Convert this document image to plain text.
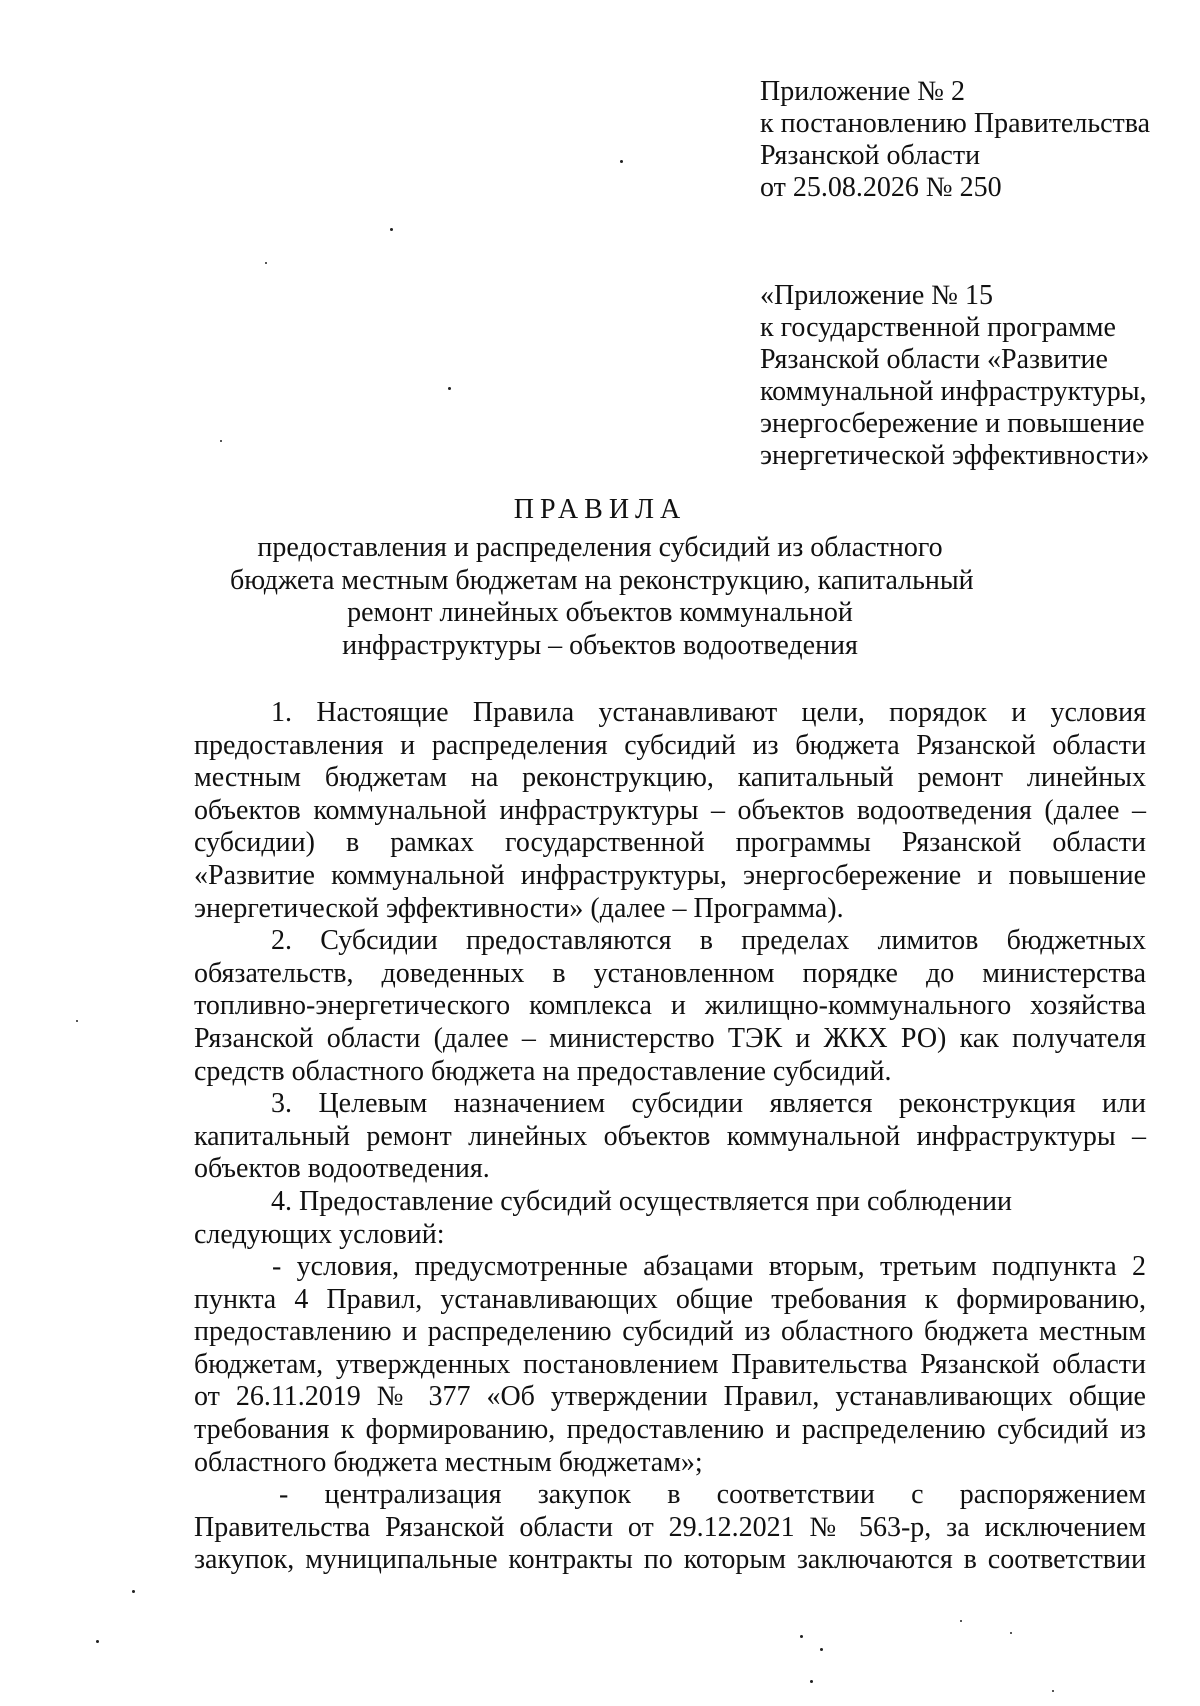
Приложение № 2
к постановлению Правительства
Рязанской области
от 25.08.2026 № 250
«Приложение № 15
к государственной программе
Рязанской области «Развитие
коммунальной инфраструктуры,
энергосбережение и повышение
энергетической эффективности»
ПРАВИЛА
предоставления и распределения субсидий из областного
бюджета местным бюджетам на реконструкцию, капитальный
ремонт линейных объектов коммунальной
инфраструктуры – объектов водоотведения
1. Настоящие Правила устанавливают цели, порядок и условия
предоставления и распределения субсидий из бюджета Рязанской области
местным бюджетам на реконструкцию, капитальный ремонт линейных
объектов коммунальной инфраструктуры – объектов водоотведения (далее –
субсидии) в рамках государственной программы Рязанской области
«Развитие коммунальной инфраструктуры, энергосбережение и повышение
энергетической эффективности» (далее – Программа).
2. Субсидии предоставляются в пределах лимитов бюджетных
обязательств, доведенных в установленном порядке до министерства
топливно-энергетического комплекса и жилищно-коммунального хозяйства
Рязанской области (далее – министерство ТЭК и ЖКХ РО) как получателя
средств областного бюджета на предоставление субсидий.
3. Целевым назначением субсидии является реконструкция или
капитальный ремонт линейных объектов коммунальной инфраструктуры –
объектов водоотведения.
4. Предоставление субсидий осуществляется при соблюдении
следующих условий:
- условия, предусмотренные абзацами вторым, третьим подпункта 2
пункта 4 Правил, устанавливающих общие требования к формированию,
предоставлению и распределению субсидий из областного бюджета местным
бюджетам, утвержденных постановлением Правительства Рязанской области
от 26.11.2019 № 377 «Об утверждении Правил, устанавливающих общие
требования к формированию, предоставлению и распределению субсидий из
областного бюджета местным бюджетам»;
- централизация закупок в соответствии с распоряжением
Правительства Рязанской области от 29.12.2021 № 563-р, за исключением
закупок, муниципальные контракты по которым заключаются в соответствии
